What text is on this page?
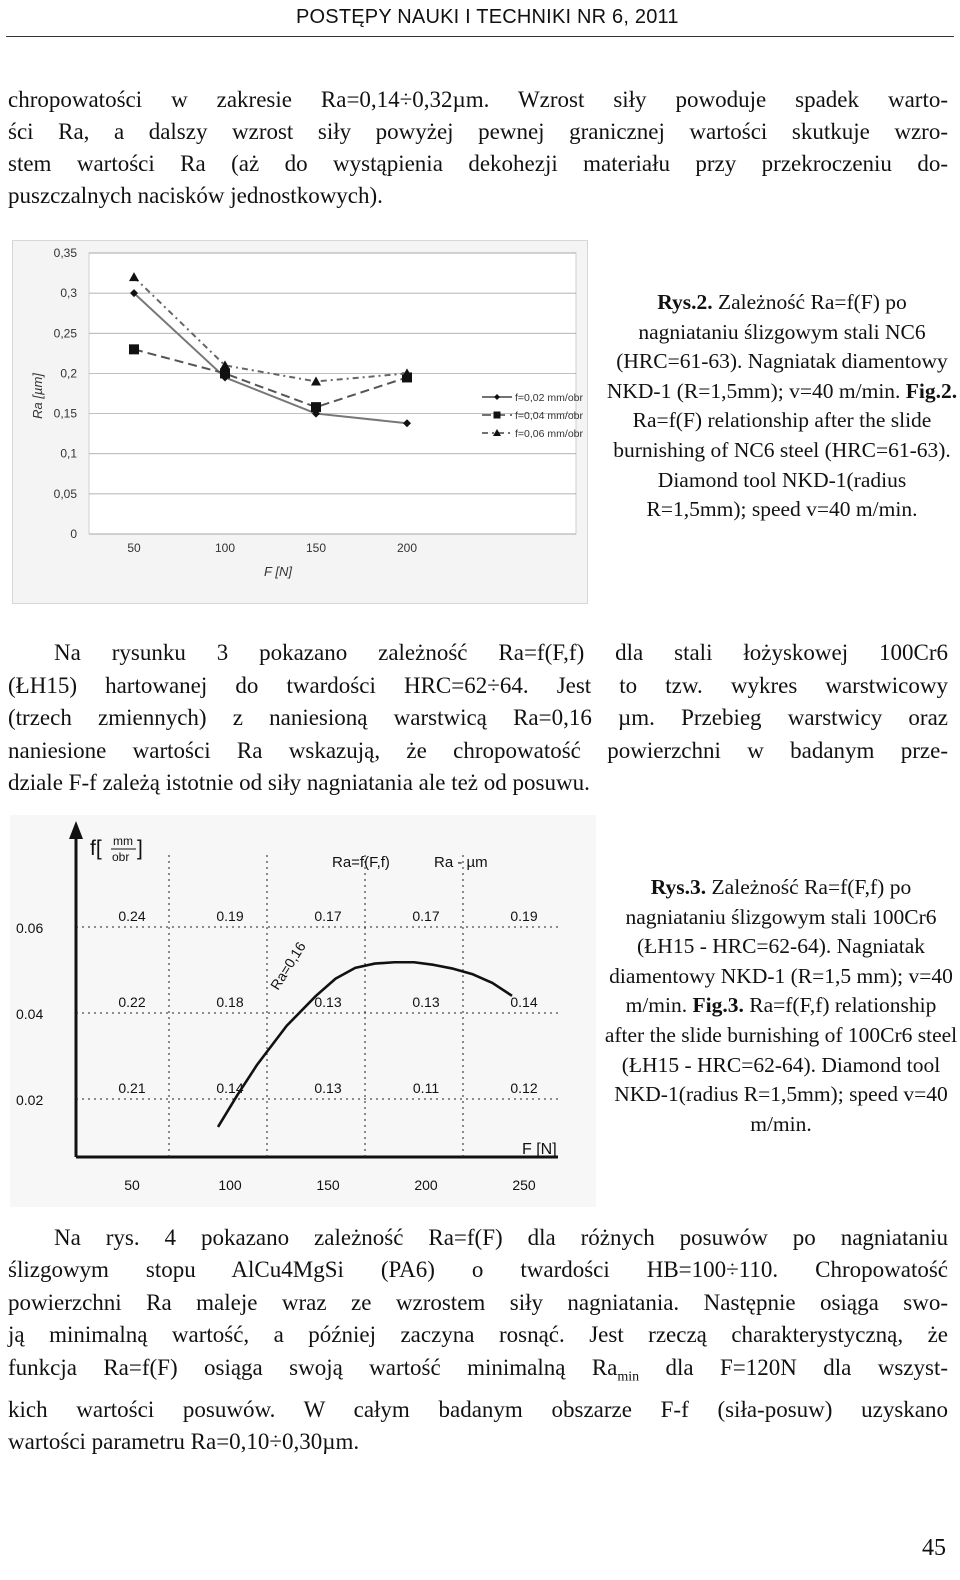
POSTĘPY NAUKI I TECHNIKI NR 6, 2011
chropowatości w zakresie Ra=0,14÷0,32µm. Wzrost siły powoduje spadek warto-
ści Ra, a dalszy wzrost siły powyżej pewnej granicznej wartości skutkuje wzro-
stem wartości Ra (aż do wystąpienia dekohezji materiału przy przekroczeniu do-
puszczalnych nacisków jednostkowych).
0
0,05
0,1
0,15
0,2
0,25
0,3
0,35
50	100	150	200
F [N]
Ra [µm]	f=0,02 mm/obr
f=0,04 mm/obr
f=0,06 mm/obr
Rys.2. Zależność Ra=f(F) po nagniataniu ślizgowym stali NC6 (HRC=61-63). Nagniatak diamentowy NKD-1 (R=1,5mm); v=40 m/min. Fig.2. Ra=f(F) relationship after the slide burnishing of NC6 steel (HRC=61-63). Diamond tool NKD-1(radius R=1,5mm); speed v=40 m/min.
Na rysunku 3 pokazano zależność Ra=f(F,f) dla stali łożyskowej 100Cr6
(ŁH15) hartowanej do twardości HRC=62÷64. Jest to tzw. wykres warstwicowy
(trzech zmiennych) z naniesioną warstwicą Ra=0,16 µm. Przebieg warstwicy oraz
naniesione wartości Ra wskazują, że chropowatość powierzchni w badanym prze-
dziale F-f zależą istotnie od siły nagniatania ale też od posuwu.
f[ mm
obr ]
Ra=f(F,f)	Ra - µm
0.06
0.04
0.02
50	100	150	200	250
F [N]
0.24	0.19	0.17	0.17	0.19
0.22	0.18	0.13	0.13	0.14
0.21	0.14	0.13	0.11	0.12
Ra=0,16
Rys.3. Zależność Ra=f(F,f) po nagniataniu ślizgowym stali 100Cr6 (ŁH15 - HRC=62-64). Nagniatak diamentowy NKD-1 (R=1,5 mm); v=40 m/min. Fig.3. Ra=f(F,f) relationship after the slide burnishing of 100Cr6 steel (ŁH15 - HRC=62-64). Diamond tool NKD-1(radius R=1,5mm); speed v=40 m/min.
Na rys. 4 pokazano zależność Ra=f(F) dla różnych posuwów po nagniataniu
ślizgowym stopu AlCu4MgSi (PA6) o twardości HB=100÷110. Chropowatość
powierzchni Ra maleje wraz ze wzrostem siły nagniatania. Następnie osiąga swo-
ją minimalną wartość, a później zaczyna rosnąć. Jest rzeczą charakterystyczną, że
funkcja Ra=f(F) osiąga swoją wartość minimalną $Ra_{min}$ dla F=120N dla wszyst-
kich wartości posuwów. W całym badanym obszarze F-f (siła-posuw) uzyskano
wartości parametru Ra=0,10÷0,30µm.
45
